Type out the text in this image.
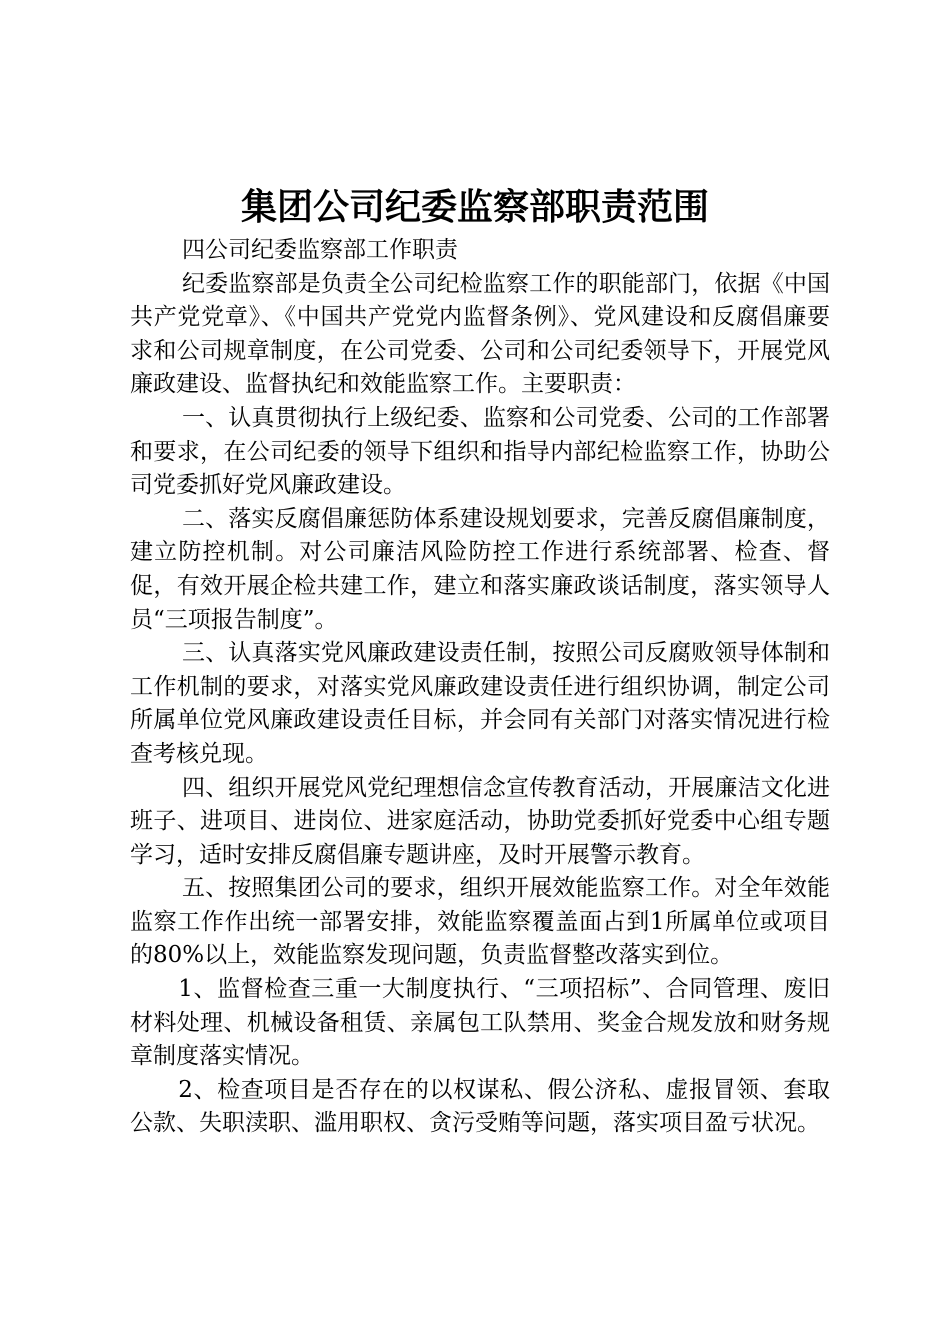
集团公司纪委监察部职责范围

四公司纪委监察部工作职责

纪委监察部是负责全公司纪检监察工作的职能部门，依据《中国共产党党章》、《中国共产党党内监督条例》、党风建设和反腐倡廉要求和公司规章制度，在公司党委、公司和公司纪委领导下，开展党风廉政建设、监督执纪和效能监察工作。主要职责：

一、认真贯彻执行上级纪委、监察和公司党委、公司的工作部署和要求，在公司纪委的领导下组织和指导内部纪检监察工作，协助公司党委抓好党风廉政建设。

二、落实反腐倡廉惩防体系建设规划要求，完善反腐倡廉制度，建立防控机制。对公司廉洁风险防控工作进行系统部署、检查、督促，有效开展企检共建工作，建立和落实廉政谈话制度，落实领导人员“三项报告制度”。

三、认真落实党风廉政建设责任制，按照公司反腐败领导体制和工作机制的要求，对落实党风廉政建设责任进行组织协调，制定公司所属单位党风廉政建设责任目标，并会同有关部门对落实情况进行检查考核兑现。

四、组织开展党风党纪理想信念宣传教育活动，开展廉洁文化进班子、进项目、进岗位、进家庭活动，协助党委抓好党委中心组专题学习，适时安排反腐倡廉专题讲座，及时开展警示教育。

五、按照集团公司的要求，组织开展效能监察工作。对全年效能监察工作作出统一部署安排，效能监察覆盖面占到1所属单位或项目的80%以上，效能监察发现问题，负责监督整改落实到位。

1、监督检查三重一大制度执行、“三项招标”、合同管理、废旧材料处理、机械设备租赁、亲属包工队禁用、奖金合规发放和财务规章制度落实情况。

2、检查项目是否存在的以权谋私、假公济私、虚报冒领、套取公款、失职渎职、滥用职权、贪污受贿等问题，落实项目盈亏状况。
